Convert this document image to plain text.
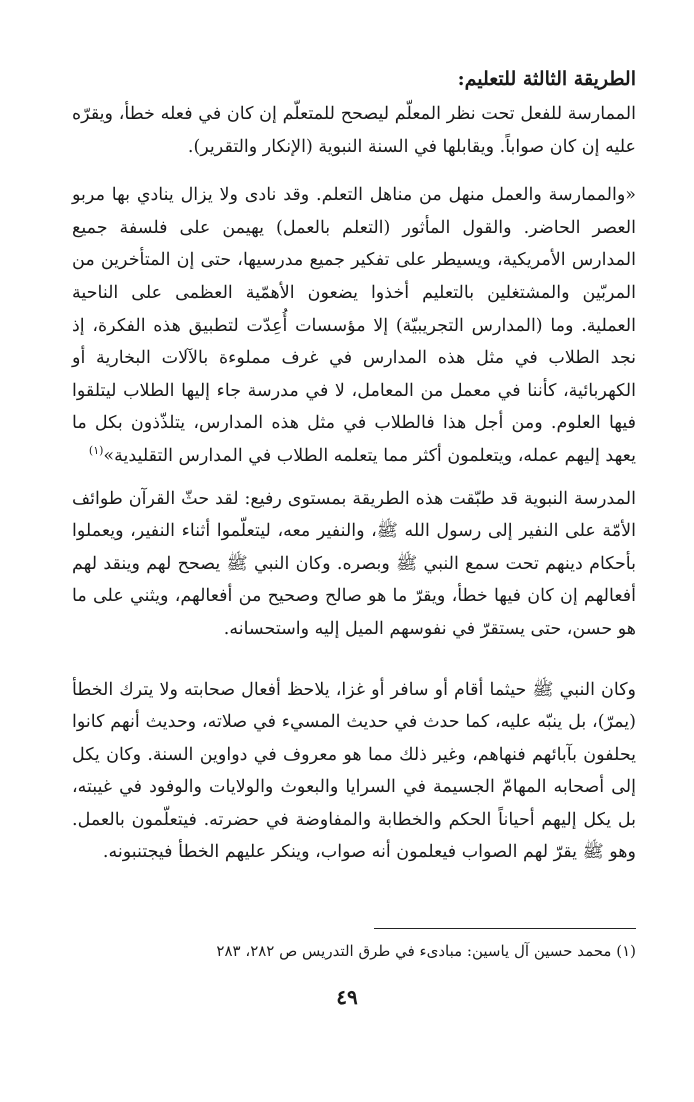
الطريقة الثالثة للتعليم:

الممارسة للفعل تحت نظر المعلّم ليصحح للمتعلّم إن كان في فعله خطأ، ويقرّه عليه إن كان صواباً. ويقابلها في السنة النبوية (الإنكار والتقرير).

«والممارسة والعمل منهل من مناهل التعلم. وقد نادى ولا يزال ينادي بها مربو العصر الحاضر. والقول المأثور (التعلم بالعمل) يهيمن على فلسفة جميع المدارس الأمريكية، ويسيطر على تفكير جميع مدرسيها، حتى إن المتأخرين من المربّين والمشتغلين بالتعليم أخذوا يضعون الأهمّية العظمى على الناحية العملية. وما (المدارس التجريبيّة) إلا مؤسسات أُعِدّت لتطبيق هذه الفكرة، إذ نجد الطلاب في مثل هذه المدارس في غرف مملوءة بالآلات البخارية أو الكهربائية، كأننا في معمل من المعامل، لا في مدرسة جاء إليها الطلاب ليتلقوا فيها العلوم. ومن أجل هذا فالطلاب في مثل هذه المدارس، يتلذّذون بكل ما يعهد إليهم عمله، ويتعلمون أكثر مما يتعلمه الطلاب في المدارس التقليدية»$^{(١)}$

المدرسة النبوية قد طبّقت هذه الطريقة بمستوى رفيع: لقد حثّ القرآن طوائف الأمّة على النفير إلى رسول الله ﷺ، والنفير معه، ليتعلّموا أثناء النفير، ويعملوا بأحكام دينهم تحت سمع النبي ﷺ وبصره. وكان النبي ﷺ يصحح لهم وينقد لهم أفعالهم إن كان فيها خطأ، ويقرّ ما هو صالح وصحيح من أفعالهم، ويثني على ما هو حسن، حتى يستقرّ في نفوسهم الميل إليه واستحسانه.

وكان النبي ﷺ حيثما أقام أو سافر أو غزا، يلاحظ أفعال صحابته ولا يترك الخطأ (يمرّ)، بل ينبّه عليه، كما حدث في حديث المسيء في صلاته، وحديث أنهم كانوا يحلفون بآبائهم فنهاهم، وغير ذلك مما هو معروف في دواوين السنة. وكان يكل إلى أصحابه المهامّ الجسيمة في السرايا والبعوث والولايات والوفود في غيبته، بل يكل إليهم أحياناً الحكم والخطابة والمفاوضة في حضرته. فيتعلّمون بالعمل. وهو ﷺ يقرّ لهم الصواب فيعلمون أنه صواب، وينكر عليهم الخطأ فيجتنبونه.

(١) محمد حسين آل ياسين: مبادىء في طرق التدريس ص ٢٨٢، ٢٨٣
٤٩
